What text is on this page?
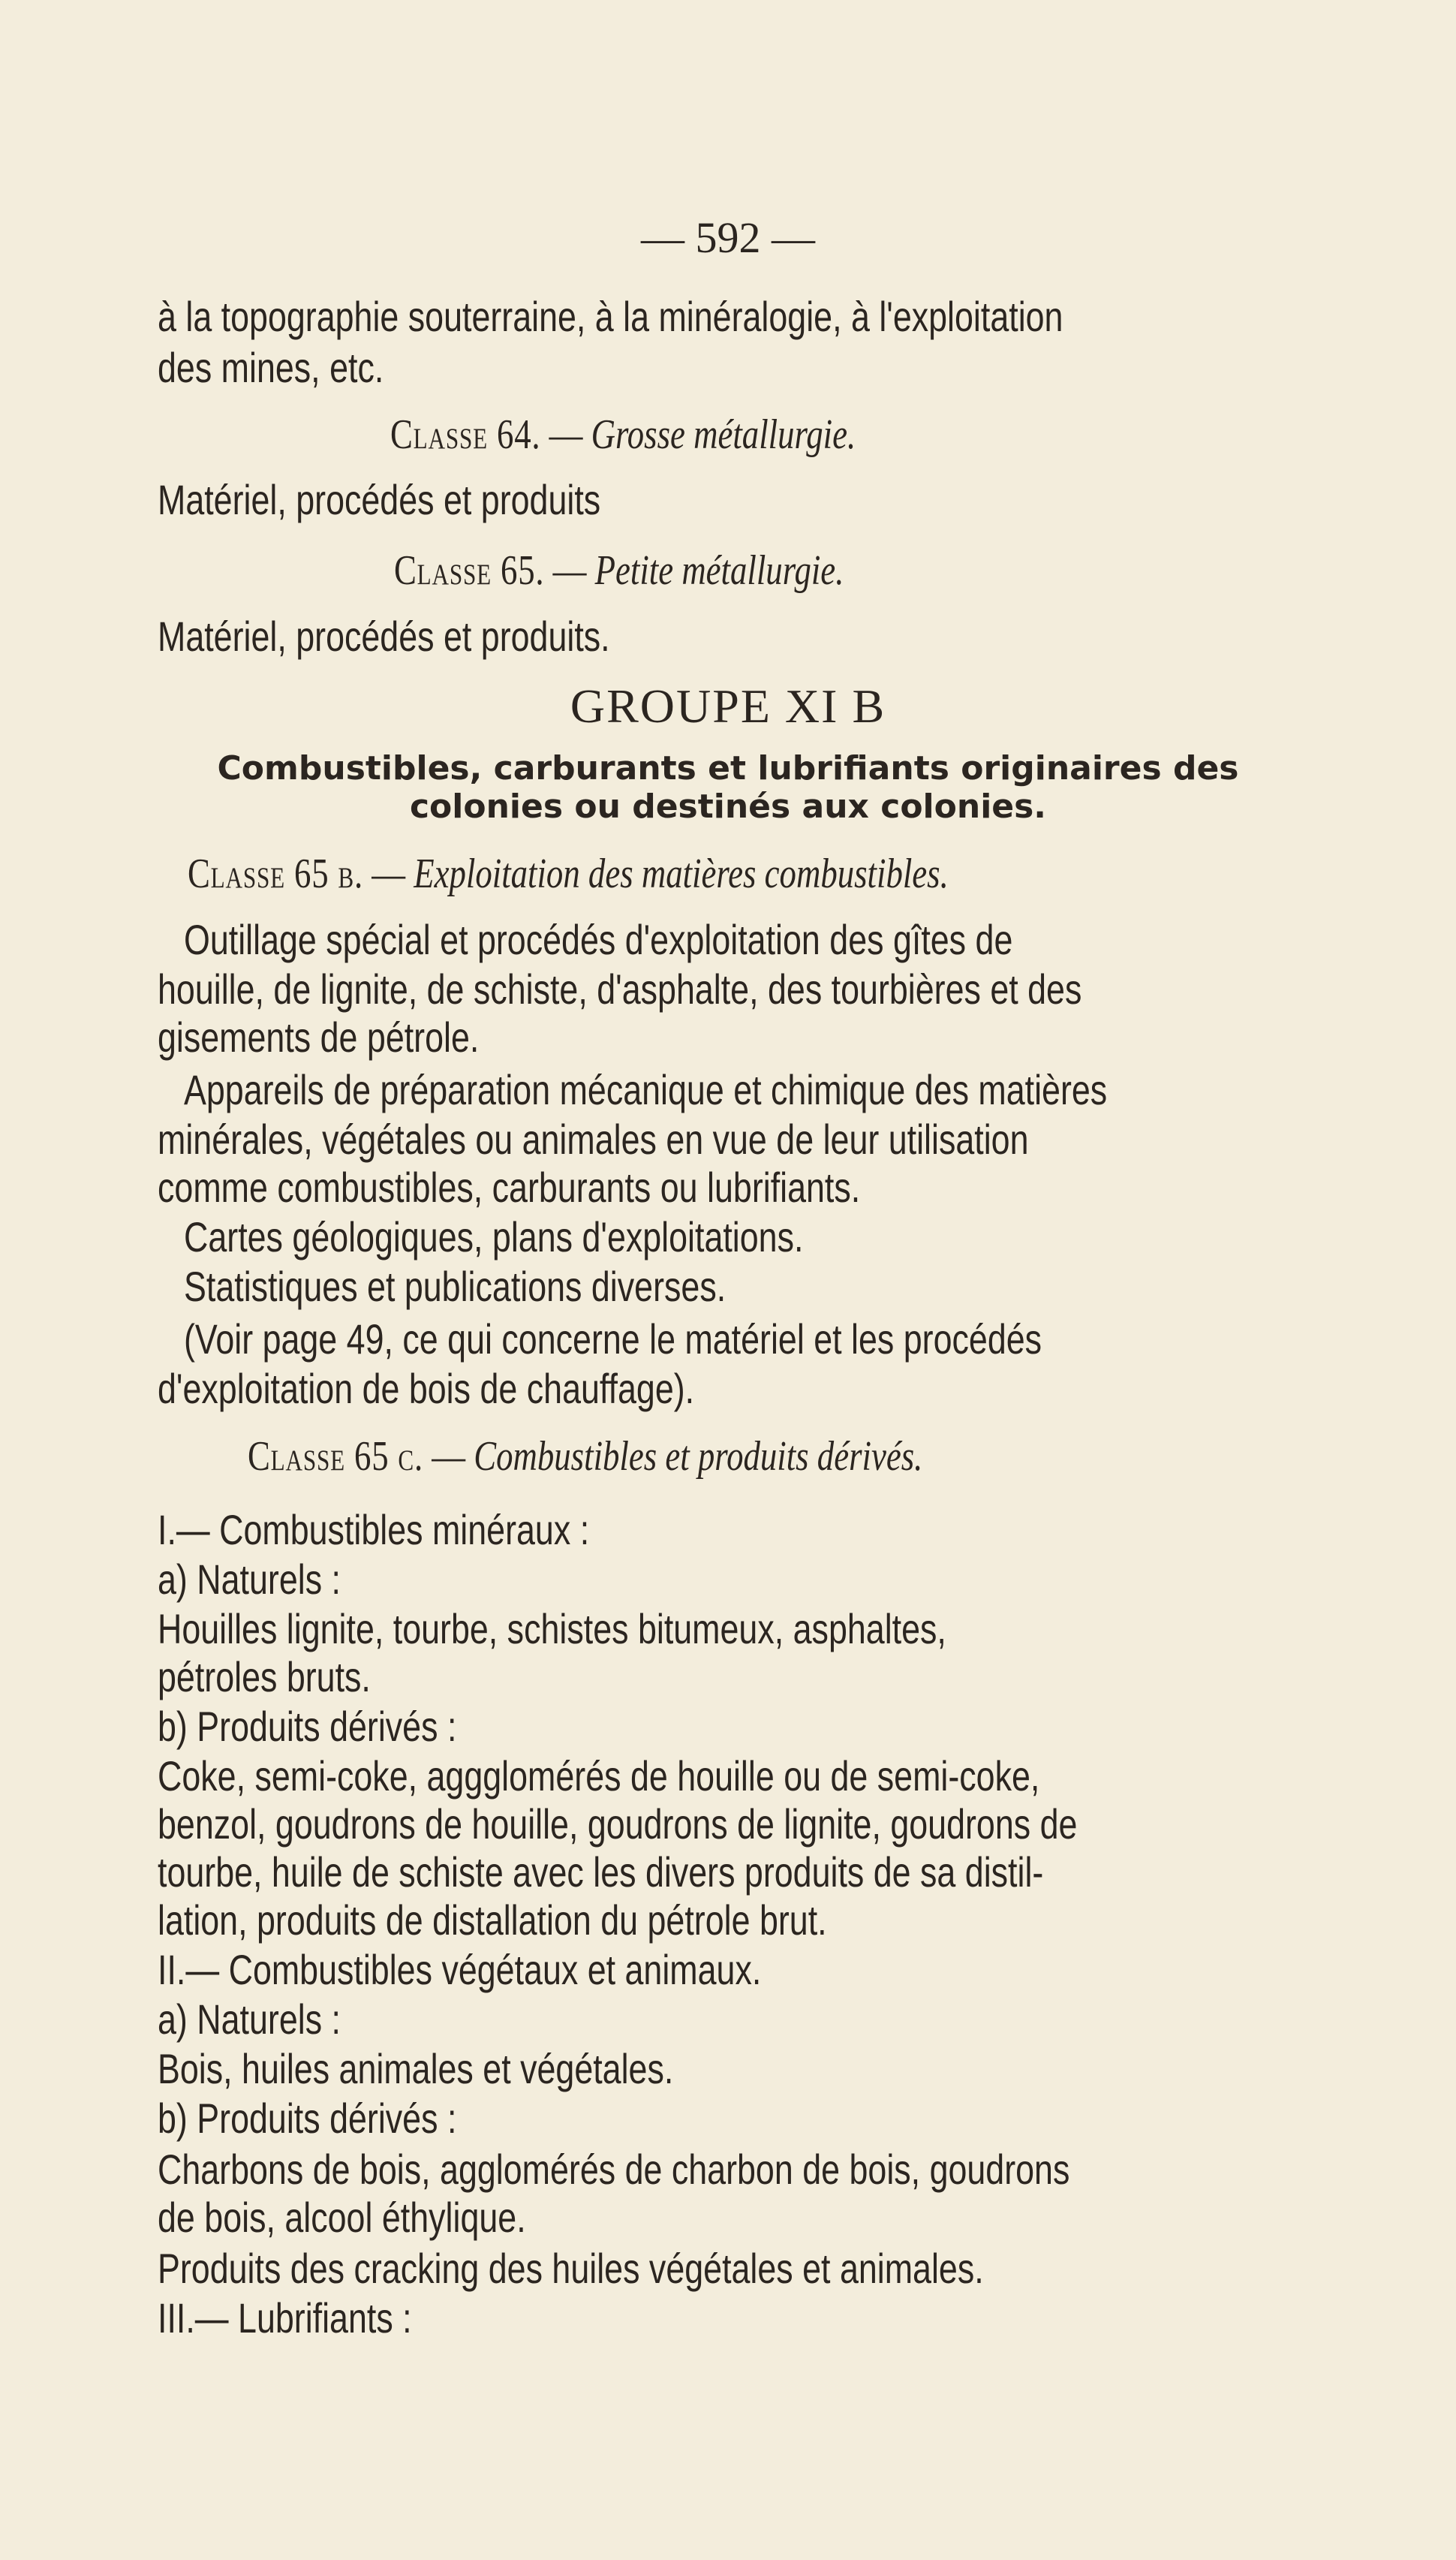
— 592 —
à la topographie souterraine, à la minéralogie, à l'exploitation
des mines, etc.
Classe 64. — Grosse métallurgie.
Matériel, procédés et produits
Classe 65. — Petite métallurgie.
Matériel, procédés et produits.
GROUPE XI B
Combustibles, carburants et lubrifiants originaires des
colonies ou destinés aux colonies.
Classe 65 b. — Exploitation des matières combustibles.
Outillage spécial et procédés d'exploitation des gîtes de
houille, de lignite, de schiste, d'asphalte, des tourbières et des
gisements de pétrole.
Appareils de préparation mécanique et chimique des matières
minérales, végétales ou animales en vue de leur utilisation
comme combustibles, carburants ou lubrifiants.
Cartes géologiques, plans d'exploitations.
Statistiques et publications diverses.
(Voir page 49, ce qui concerne le matériel et les procédés
d'exploitation de bois de chauffage).
Classe 65 c. — Combustibles et produits dérivés.
I.— Combustibles minéraux :
a) Naturels :
Houilles lignite, tourbe, schistes bitumeux, asphaltes,
pétroles bruts.
b) Produits dérivés :
Coke, semi-coke, aggglomérés de houille ou de semi-coke,
benzol, goudrons de houille, goudrons de lignite, goudrons de
tourbe, huile de schiste avec les divers produits de sa distil-
lation, produits de distallation du pétrole brut.
II.— Combustibles végétaux et animaux.
a) Naturels :
Bois, huiles animales et végétales.
b) Produits dérivés :
Charbons de bois, agglomérés de charbon de bois, goudrons
de bois, alcool éthylique.
Produits des cracking des huiles végétales et animales.
III.— Lubrifiants :
